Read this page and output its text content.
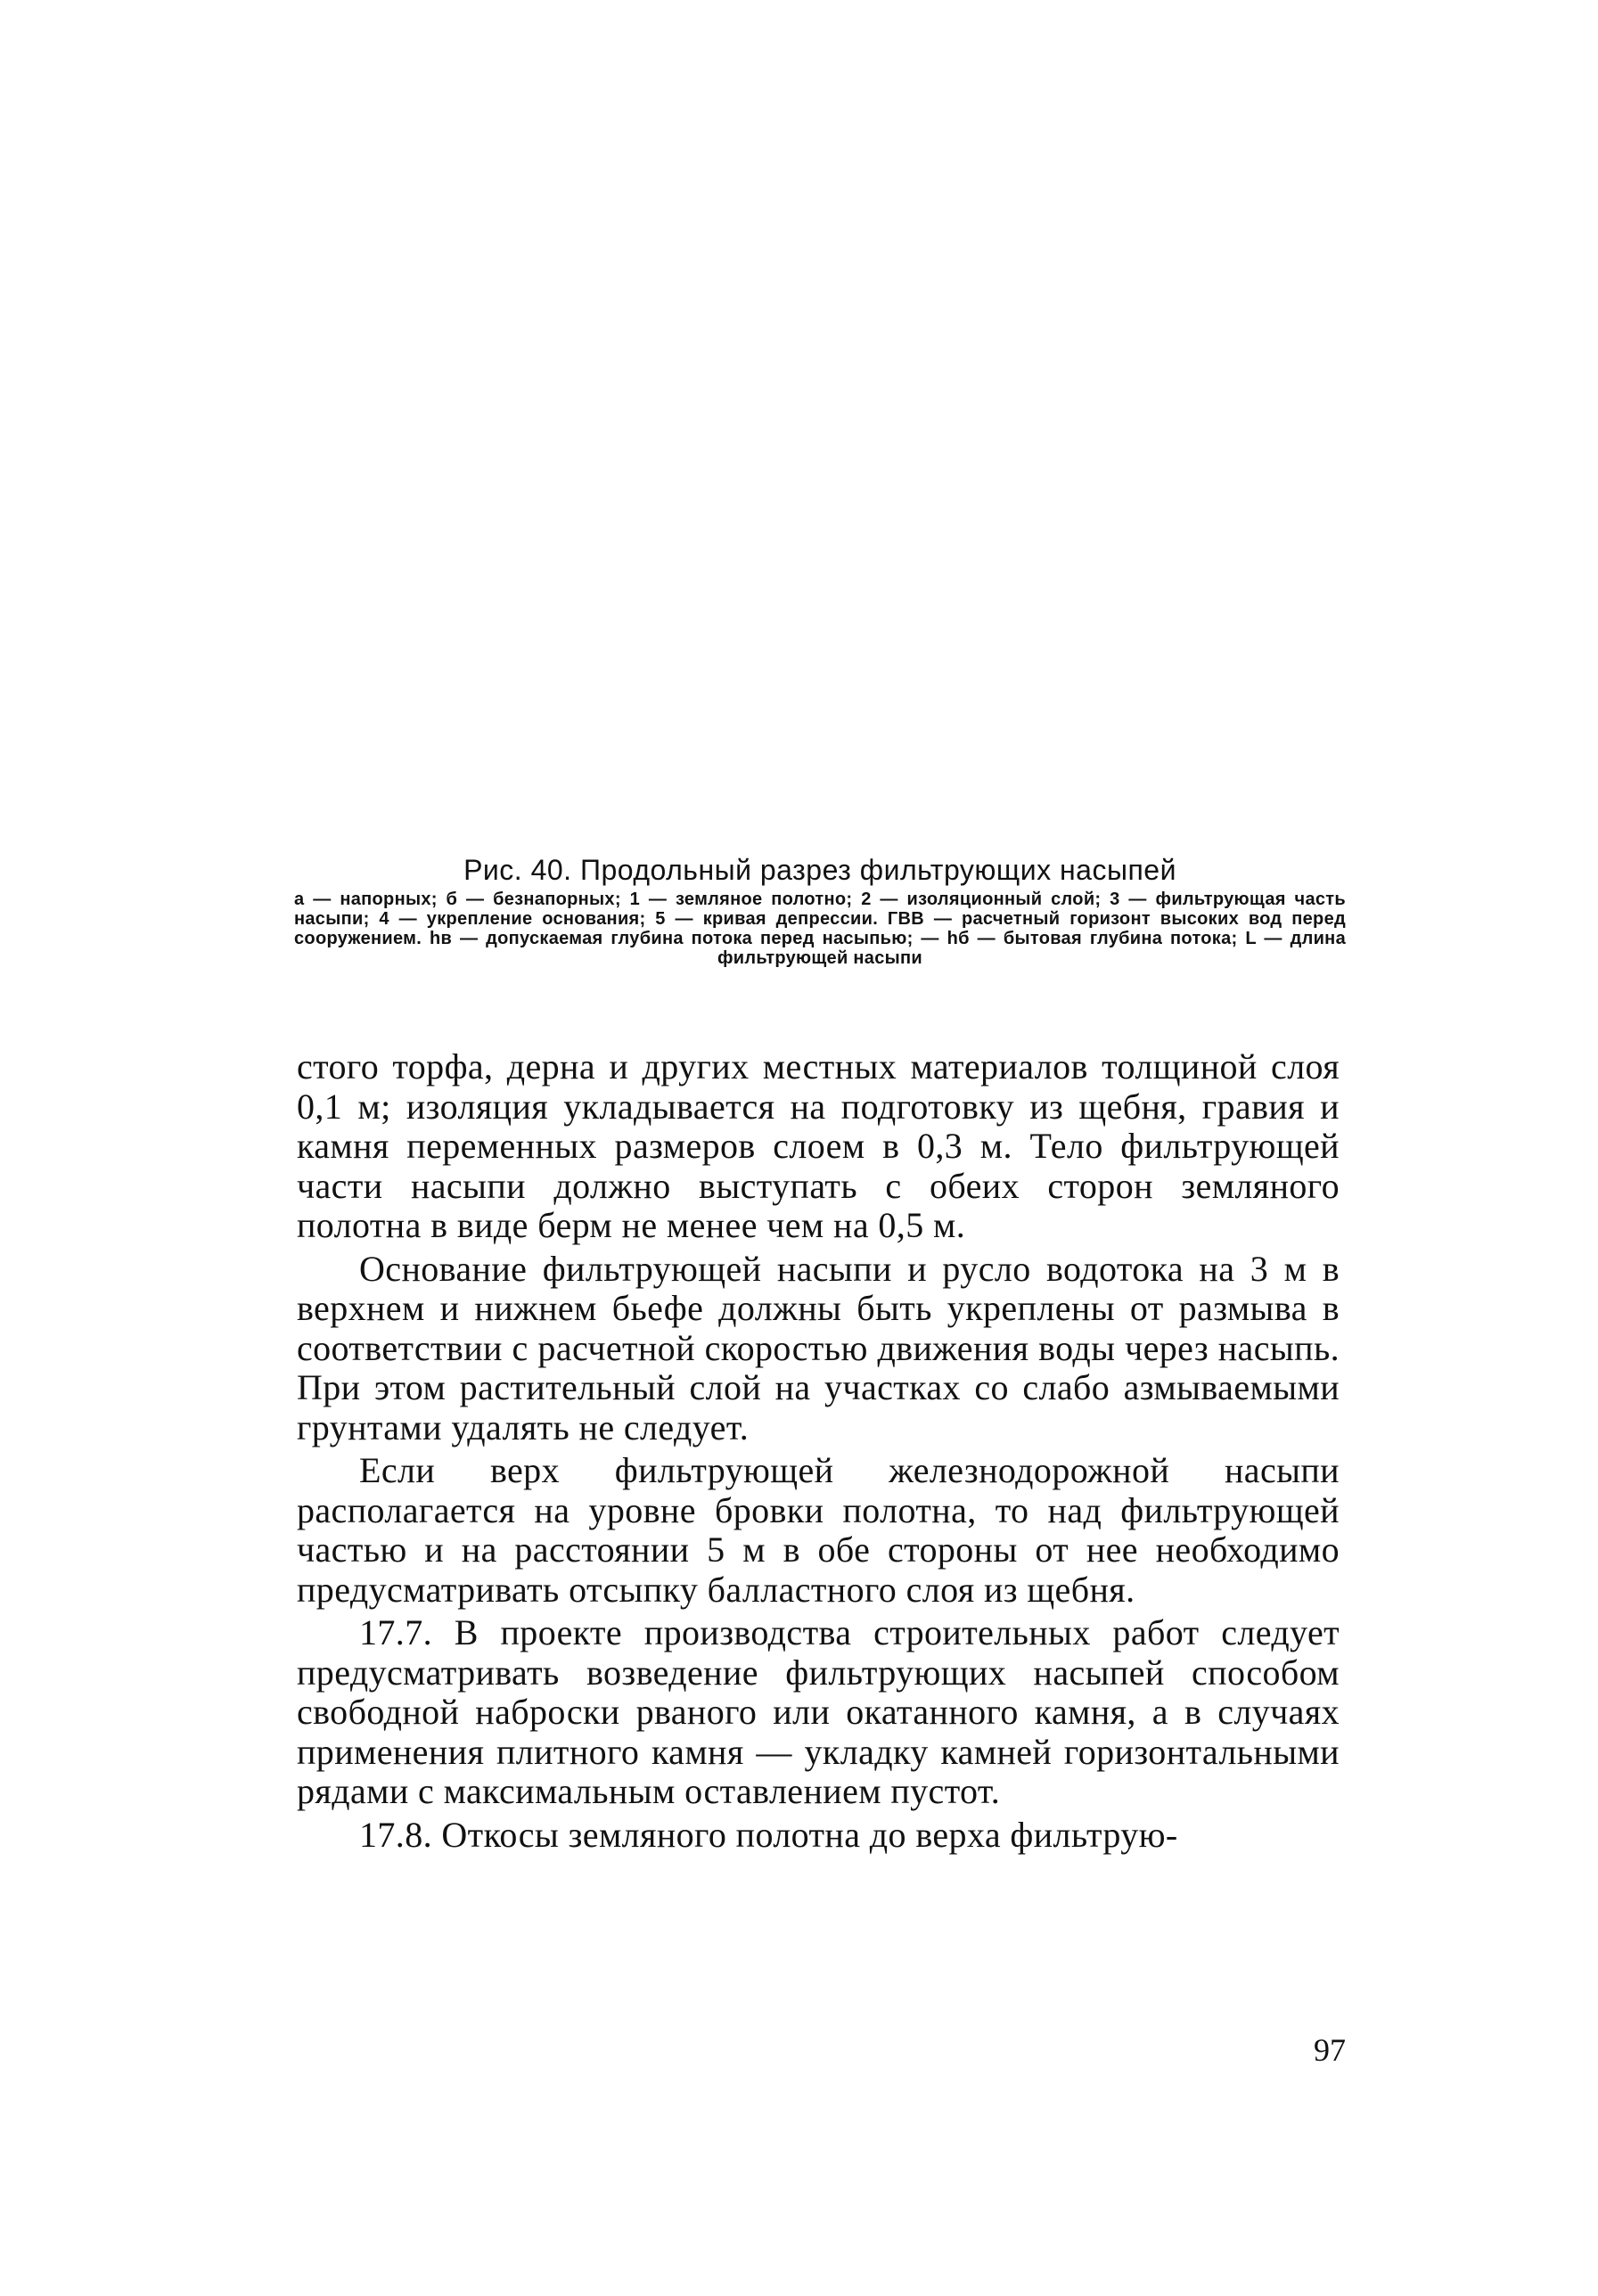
Рис. 40. Продольный разрез фильтрующих насыпей
а — напорных; б — безнапорных; 1 — земляное полотно; 2 — изоляционный слой; 3 — фильтрующая часть насыпи; 4 — укрепление основания; 5 — кривая депрессии. ГВВ — расчетный горизонт высоких вод перед сооружением. hв — допускаемая глубина потока перед насыпью; — hб — бытовая глубина потока; L — длина фильтрующей насыпи

стого торфа, дерна и других местных материалов толщиной слоя 0,1 м; изоляция укладывается на подготовку из щебня, гравия и камня переменных размеров слоем в 0,3 м. Тело фильтрующей части насыпи должно выступать с обеих сторон земляного полотна в виде берм не менее чем на 0,5 м.

Основание фильтрующей насыпи и русло водотока на 3 м в верхнем и нижнем бьефе должны быть укреплены от размыва в соответствии с расчетной скоростью движения воды через насыпь. При этом растительный слой на участках со слабо азмываемыми грунтами удалять не следует.

Если верх фильтрующей железнодорожной насыпи располагается на уровне бровки полотна, то над фильтрующей частью и на расстоянии 5 м в обе стороны от нее необходимо предусматривать отсыпку балластного слоя из щебня.

17.7. В проекте производства строительных работ следует предусматривать возведение фильтрующих насыпей способом свободной наброски рваного или окатанного камня, а в случаях применения плитного камня — укладку камней горизонтальными рядами с максимальным оставлением пустот.

17.8. Откосы земляного полотна до верха фильтрую-

97
